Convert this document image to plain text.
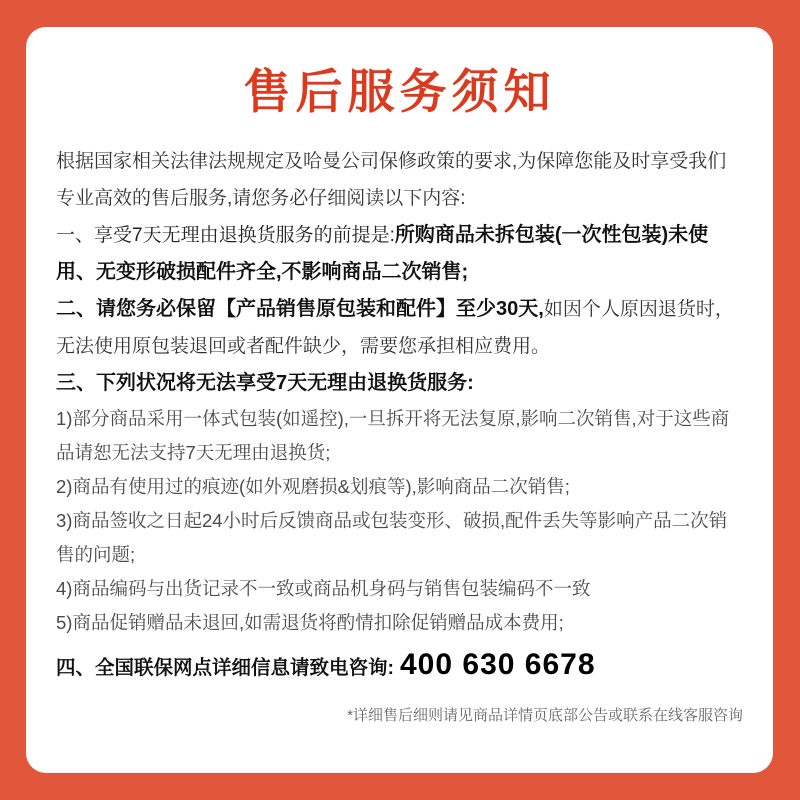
售后服务须知

根据国家相关法律法规规定及哈曼公司保修政策的要求,为保障您能及时享受我们专业高效的售后服务,请您务必仔细阅读以下内容:

一、享受7天无理由退换货服务的前提是:所购商品未拆包装(一次性包装)未使用、无变形破损配件齐全,不影响商品二次销售;

二、请您务必保留【产品销售原包装和配件】至少30天,如因个人原因退货时，无法使用原包装退回或者配件缺少，需要您承担相应费用。

三、下列状况将无法享受7天无理由退换货服务:

1)部分商品采用一体式包装(如遥控),一旦拆开将无法复原,影响二次销售,对于这些商品请恕无法支持7天无理由退换货;

2)商品有使用过的痕迹(如外观磨损&划痕等),影响商品二次销售;

3)商品签收之日起24小时后反馈商品或包装变形、破损,配件丢失等影响产品二次销售的问题;

4)商品编码与出货记录不一致或商品机身码与销售包装编码不一致

5)商品促销赠品未退回,如需退货将酌情扣除促销赠品成本费用;

四、全国联保网点详细信息请致电咨询: 400 630 6678

*详细售后细则请见商品详情页底部公告或联系在线客服咨询
